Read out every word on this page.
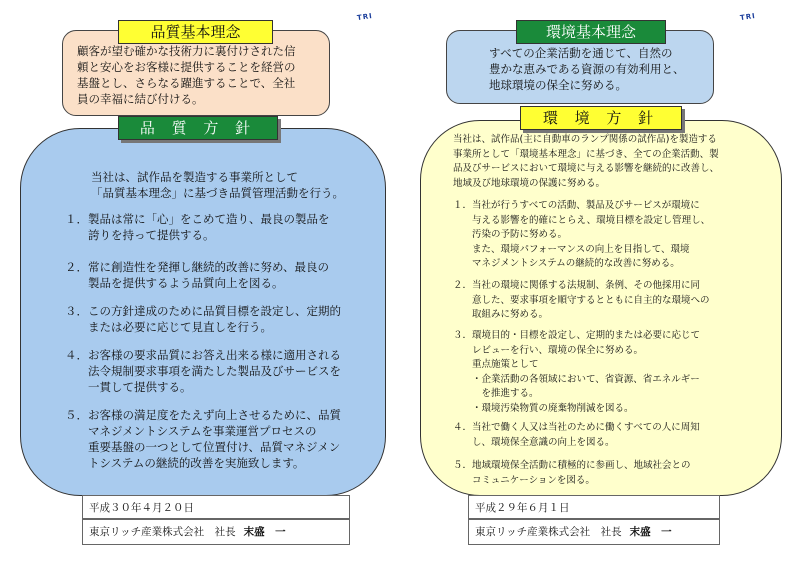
TRI
顧客が望む確かな技術力に裏付けされた信
頼と安心をお客様に提供することを経営の
基盤とし、さらなる躍進することで、全社
員の幸福に結び付ける。
品質基本理念
当社は、試作品を製造する事業所として
「品質基本理念」に基づき品質管理活動を行う。
１．製品は常に「心」をこめて造り、最良の製品を
　　誇りを持って提供する。
２．常に創造性を発揮し継続的改善に努め、最良の
　　製品を提供するよう品質向上を図る。
３．この方針達成のために品質目標を設定し、定期的
　　または必要に応じて見直しを行う。
４．お客様の要求品質にお答え出来る様に適用される
　　法令規制要求事項を満たした製品及びサービスを
　　一貫して提供する。
５．お客様の満足度をたえず向上させるために、品質
　　マネジメントシステムを事業運営プロセスの
　　重要基盤の一つとして位置付け、品質マネジメン
　　トシステムの継続的改善を実施致します。
品 質 方 針
平成３０年４月２０日
東京リッチ産業株式会社　社長 末盛　一
TRI
すべての企業活動を通じて、自然の
豊かな恵みである資源の有効利用と、
地球環境の保全に努める。
環境基本理念
当社は、試作品(主に自動車のランプ関係の試作品)を製造する
事業所として「環境基本理念」に基づき、全ての企業活動、製
品及びサービスにおいて環境に与える影響を継続的に改善し、
地域及び地球環境の保護に努める。
１．当社が行うすべての活動、製品及びサービスが環境に
　　与える影響を的確にとらえ、環境目標を設定し管理し、
　　汚染の予防に努める。
　　また、環境パフォーマンスの向上を目指して、環境
　　マネジメントシステムの継続的な改善に努める。
２．当社の環境に関係する法規制、条例、その他採用に同
　　意した、要求事項を順守するとともに自主的な環境への
　　取組みに努める。
３．環境目的・目標を設定し、定期的または必要に応じて
　　レビューを行い、環境の保全に努める。
　　重点施策として
　　・企業活動の各領域において、省資源、省エネルギー
　　　を推進する。
　　・環境汚染物質の廃棄物削減を図る。
４．当社で働く人又は当社のために働くすべての人に周知
　　し、環境保全意識の向上を図る。
５．地域環境保全活動に積極的に参画し、地域社会との
　　コミュニケーションを図る。
環 境 方 針
平成２９年６月１日
東京リッチ産業株式会社　社長 末盛　一
